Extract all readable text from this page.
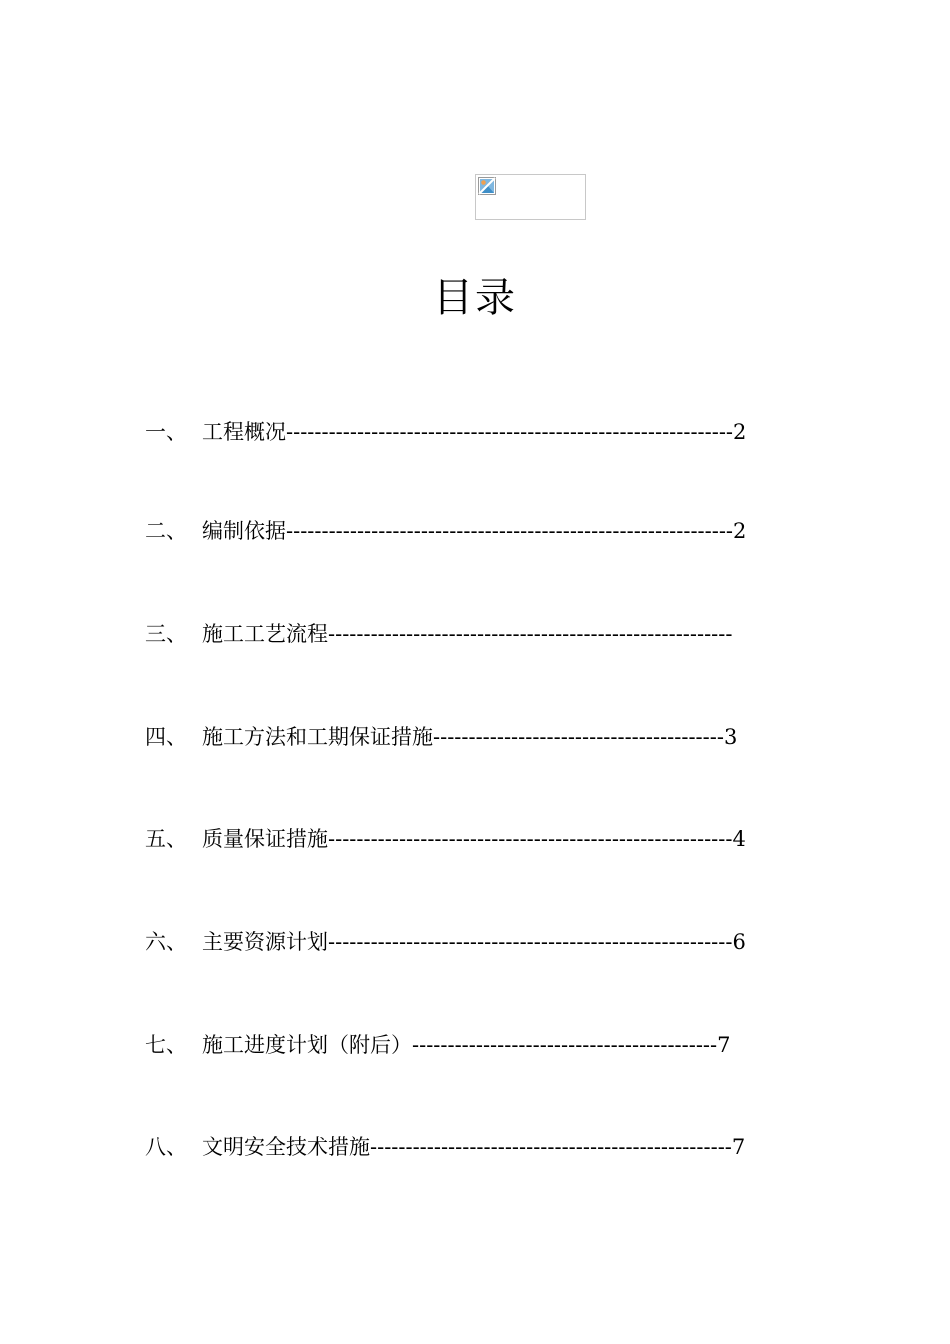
目录
一、 工程概况---------------------------------------------------------------2
二、 编制依据---------------------------------------------------------------2
三、 施工工艺流程---------------------------------------------------------
四、 施工方法和工期保证措施-----------------------------------------3
五、 质量保证措施---------------------------------------------------------4
六、 主要资源计划---------------------------------------------------------6
七、 施工进度计划（附后）-------------------------------------------7
八、 文明安全技术措施---------------------------------------------------7
